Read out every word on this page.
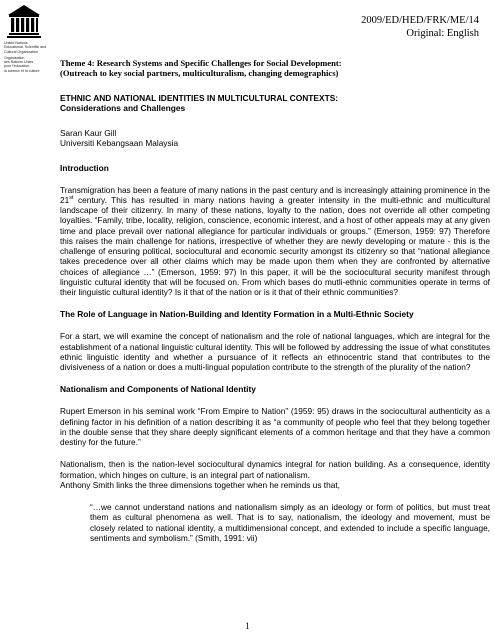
United Nations
Educational, Scientific and
Cultural Organization
Organisation
des Nations Unies
pour l'éducation,
la science et la culture
2009/ED/HED/FRK/ME/14
Original: English

Theme 4: Research Systems and Specific Challenges for Social Development:
(Outreach to key social partners, multiculturalism, changing demographics)

ETHNIC AND NATIONAL IDENTITIES IN MULTICULTURAL CONTEXTS:
Considerations and Challenges

Saran Kaur Gill
Universiti Kebangsaan Malaysia

Introduction

Transmigration has been a feature of many nations in the past century and is increasingly attaining prominence in the 21st century. This has resulted in many nations having a greater intensity in the multi-ethnic and multicultural landscape of their citizenry. In many of these nations, loyalty to the nation, does not override all other competing loyalties. “Family, tribe, locality, religion, conscience, economic interest, and a host of other appeals may at any given time and place prevail over national allegiance for particular individuals or groups.” (Emerson, 1959: 97) Therefore this raises the main challenge for nations, irrespective of whether they are newly developing or mature - this is the challenge of ensuring political, sociocultural and economic security amongst its citizenry so that “national allegiance takes precedence over all other claims which may be made upon them when they are confronted by alternative choices of allegiance …” (Emerson, 1959: 97) In this paper, it will be the sociocultural security manifest through linguistic cultural identity that will be focused on. From which bases do mutli-ethnic communities operate in terms of their linguistic cultural identity? Is it that of the nation or is it that of their ethnic communities?

The Role of Language in Nation-Building and Identity Formation in a Multi-Ethnic Society

For a start, we will examine the concept of nationalism and the role of national languages, which are integral for the establishment of a national linguistic cultural identity. This will be followed by addressing the issue of what constitutes ethnic linguistic identity and whether a pursuance of it reflects an ethnocentric stand that contributes to the divisiveness of a nation or does a multi-lingual population contribute to the strength of the plurality of the nation?

Nationalism and Components of National Identity

Rupert Emerson in his seminal work “From Empire to Nation” (1959: 95) draws in the sociocultural authenticity as a defining factor in his definition of a nation describing it as “a community of people who feel that they belong together in the double sense that they share deeply significant elements of a common heritage and that they have a common destiny for the future.”

Nationalism, then is the nation-level sociocultural dynamics integral for nation building. As a consequence, identity formation, which hinges on culture, is an integral part of nationalism.
Anthony Smith links the three dimensions together when he reminds us that,

“…we cannot understand nations and nationalism simply as an ideology or form of politics, but must treat them as cultural phenomena as well. That is to say, nationalism, the ideology and movement, must be closely related to national identity, a multidimensional concept, and extended to include a specific language, sentiments and symbolism.” (Smith, 1991: vii)
1
